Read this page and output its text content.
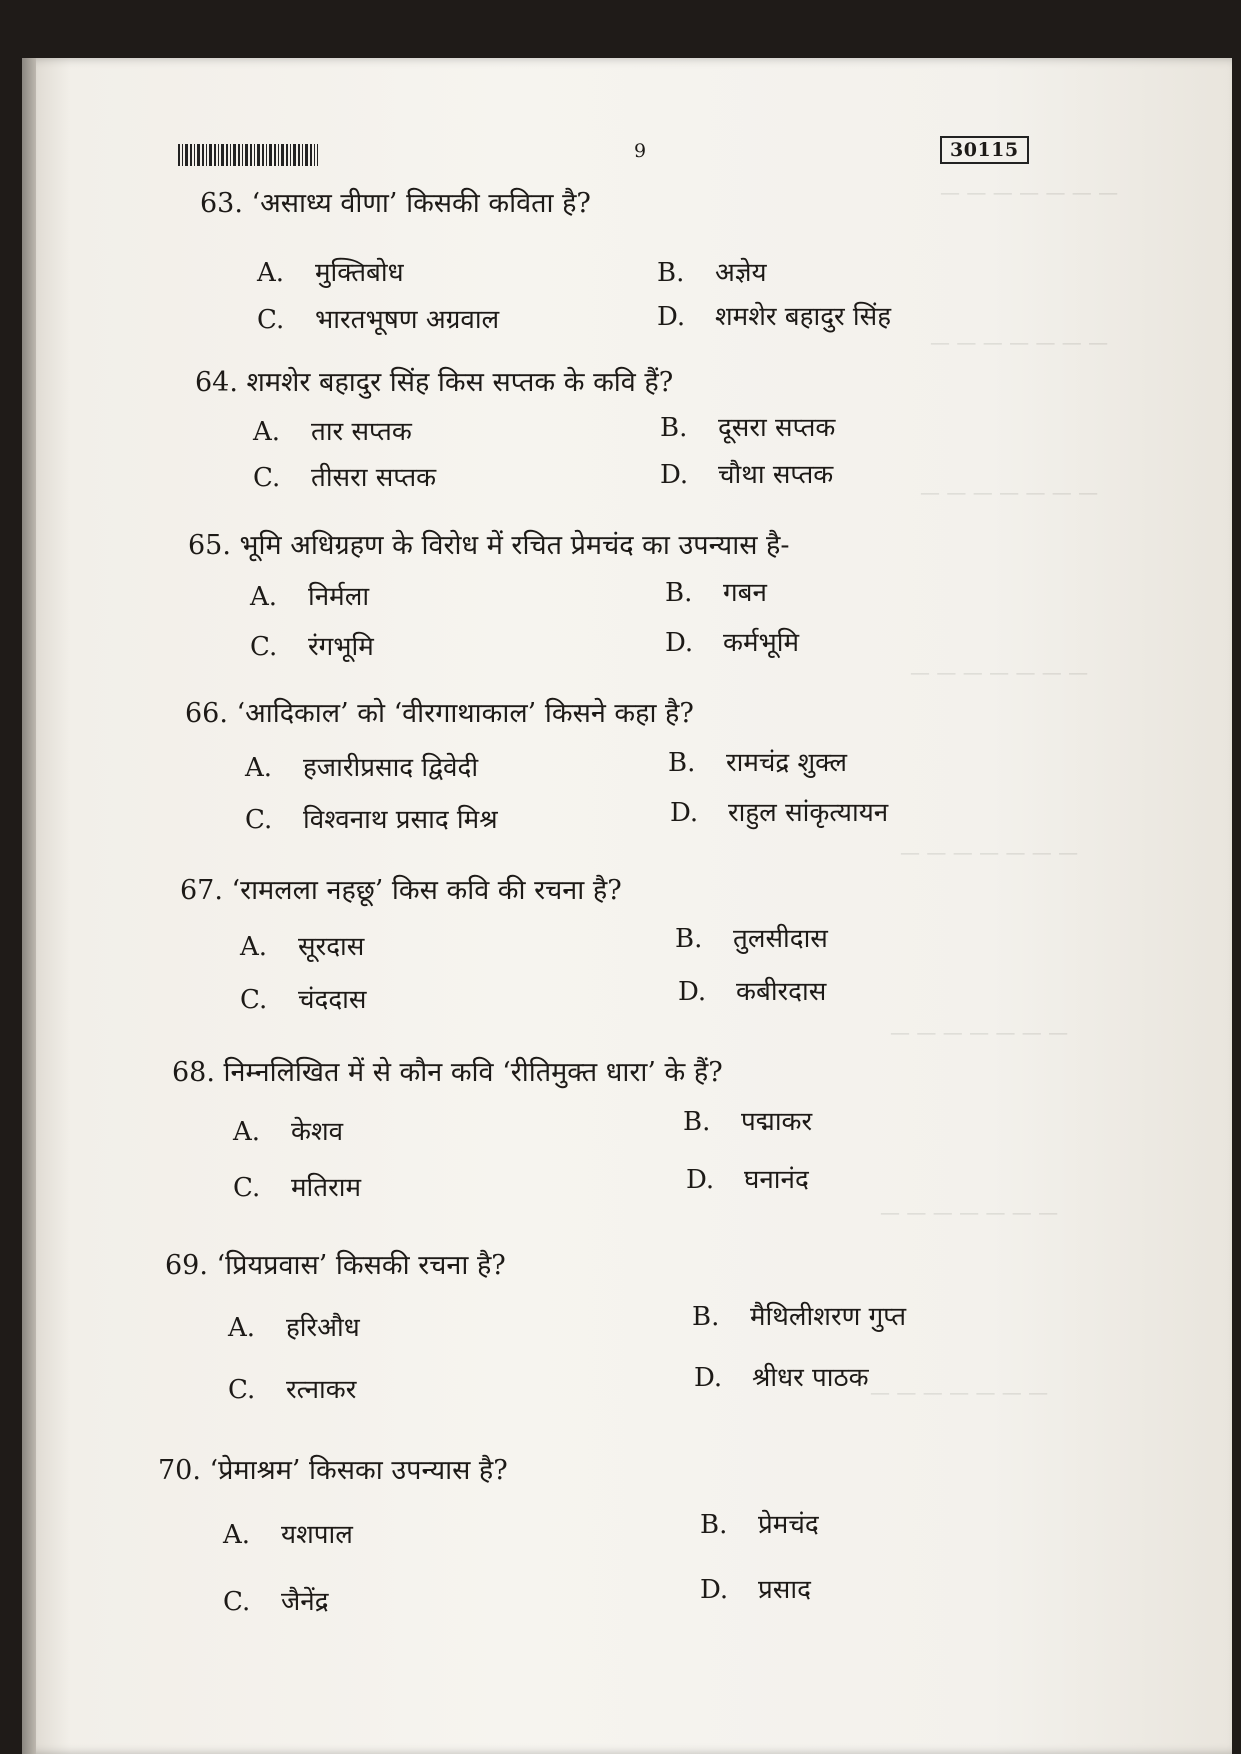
— — — — — — —
— — — — — — —
— — — — — — —
— — — — — — —
— — — — — — —
— — — — — — —
— — — — — — —
— — — — — — —
9	30115
63. ‘असाध्य वीणा’ किसकी कविता है?
A. मुक्तिबोध	B. अज्ञेय
C. भारतभूषण अग्रवाल	D. शमशेर बहादुर सिंह
64. शमशेर बहादुर सिंह किस सप्तक के कवि हैं?
A. तार सप्तक	B. दूसरा सप्तक
C. तीसरा सप्तक	D. चौथा सप्तक
65. भूमि अधिग्रहण के विरोध में रचित प्रेमचंद का उपन्यास है-
A. निर्मला	B. गबन
C. रंगभूमि	D. कर्मभूमि
66. ‘आदिकाल’ को ‘वीरगाथाकाल’ किसने कहा है?
A. हजारीप्रसाद द्विवेदी	B. रामचंद्र शुक्ल
C. विश्वनाथ प्रसाद मिश्र	D. राहुल सांकृत्यायन
67. ‘रामलला नहछू’ किस कवि की रचना है?
A. सूरदास	B. तुलसीदास
C. चंददास	D. कबीरदास
68. निम्नलिखित में से कौन कवि ‘रीतिमुक्त धारा’ के हैं?
A. केशव	B. पद्माकर
C. मतिराम	D. घनानंद
69. ‘प्रियप्रवास’ किसकी रचना है?
A. हरिऔध	B. मैथिलीशरण गुप्त
C. रत्नाकर	D. श्रीधर पाठक
70. ‘प्रेमाश्रम’ किसका उपन्यास है?
A. यशपाल	B. प्रेमचंद
C. जैनेंद्र	D. प्रसाद
